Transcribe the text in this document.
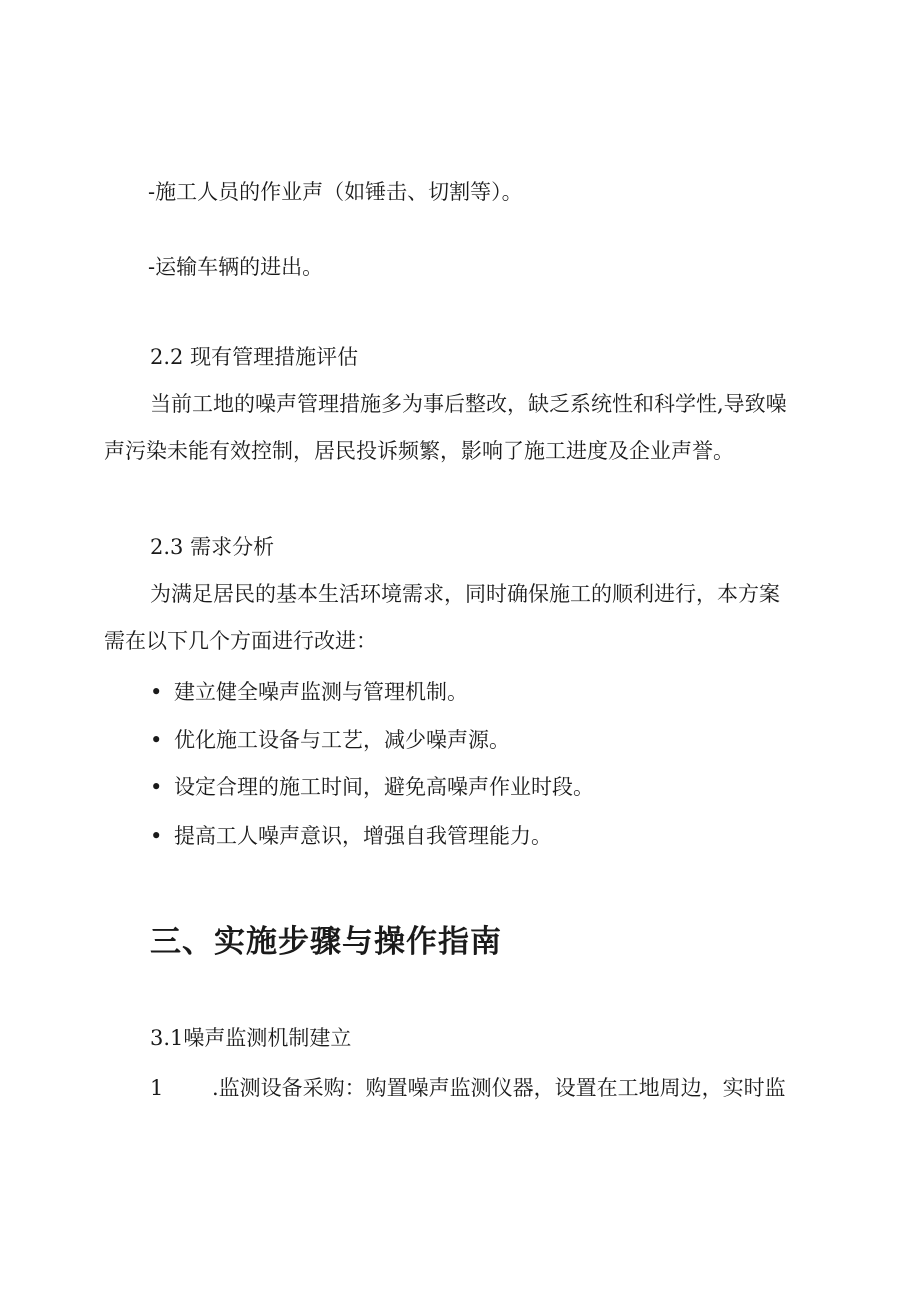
-施工人员的作业声（如锤击、切割等）。

-运输车辆的进出。

2.2 现有管理措施评估

当前工地的噪声管理措施多为事后整改，缺乏系统性和科学性,导致噪

声污染未能有效控制，居民投诉频繁，影响了施工进度及企业声誉。

2.3 需求分析

为满足居民的基本生活环境需求，同时确保施工的顺利进行，本方案

需在以下几个方面进行改进：

• 建立健全噪声监测与管理机制。
• 优化施工设备与工艺，减少噪声源。
• 设定合理的施工时间，避免高噪声作业时段。
• 提高工人噪声意识，增强自我管理能力。
三、实施步骤与操作指南

3.1噪声监测机制建立

1 .监测设备采购：购置噪声监测仪器，设置在工地周边，实时监
